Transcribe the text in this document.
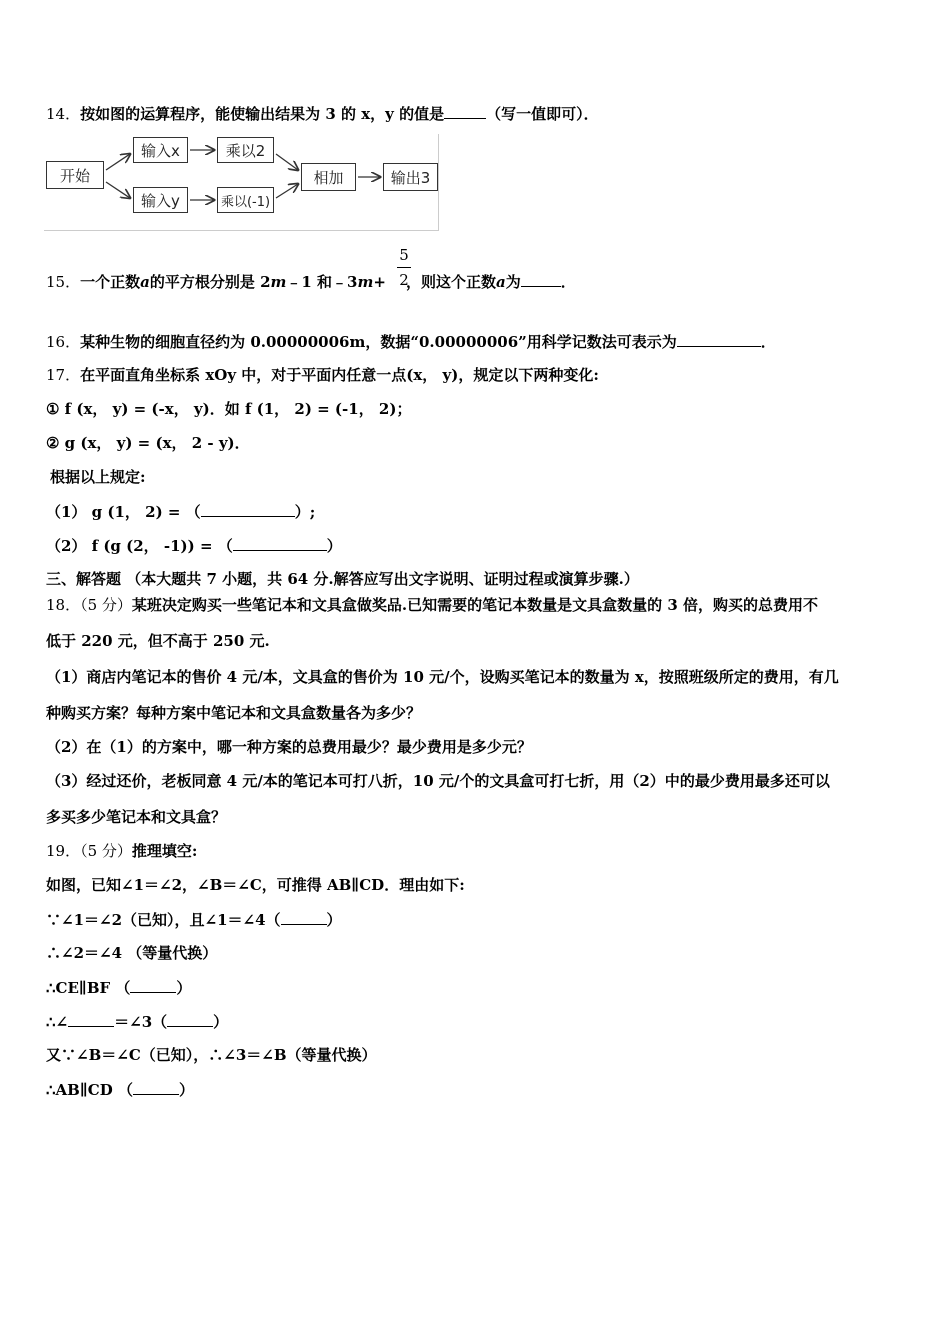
14．按如图的运算程序，能使输出结果为 3 的 x，y 的值是	（写一值即可）．
开始
输入x	乘以2
输入y	乘以(-1)
相加	输出3
15．一个正数a的平方根分别是 2m﹣1 和﹣3m+ ，则这个正数a为	．
5
2
16．某种生物的细胞直径约为 0.00000006m，数据“0.00000006”用科学记数法可表示为	．
17．在平面直角坐标系 xOy 中，对于平面内任意一点(x， y)，规定以下两种变化:
① f (x， y) = (-x， y)．如 f (1， 2) = (-1， 2)；
② g (x， y) = (x， 2 - y)．
根据以上规定:
（1） g (1， 2) = （	）;
（2） f (g (2， -1)) = （	）
三、解答题 （本大题共 7 小题，共 64 分.解答应写出文字说明、证明过程或演算步骤.）
18．（5 分）某班决定购买一些笔记本和文具盒做奖品.已知需要的笔记本数量是文具盒数量的 3 倍，购买的总费用不
低于 220 元，但不高于 250 元.
（1）商店内笔记本的售价 4 元/本，文具盒的售价为 10 元/个，设购买笔记本的数量为 x，按照班级所定的费用，有几
种购买方案？每种方案中笔记本和文具盒数量各为多少？
（2）在（1）的方案中，哪一种方案的总费用最少？最少费用是多少元？
（3）经过还价，老板同意 4 元/本的笔记本可打八折，10 元/个的文具盒可打七折，用（2）中的最少费用最多还可以
多买多少笔记本和文具盒？
19．（5 分）推理填空:
如图，已知∠1＝∠2，∠B＝∠C，可推得 AB∥CD．理由如下:
∵∠1＝∠2（已知），且∠1＝∠4（	）
∴∠2＝∠4 （等量代换）
∴CE∥BF （	）
∴∠	＝∠3（	）
又∵∠B＝∠C（已知），∴∠3＝∠B（等量代换）
∴AB∥CD （	）
